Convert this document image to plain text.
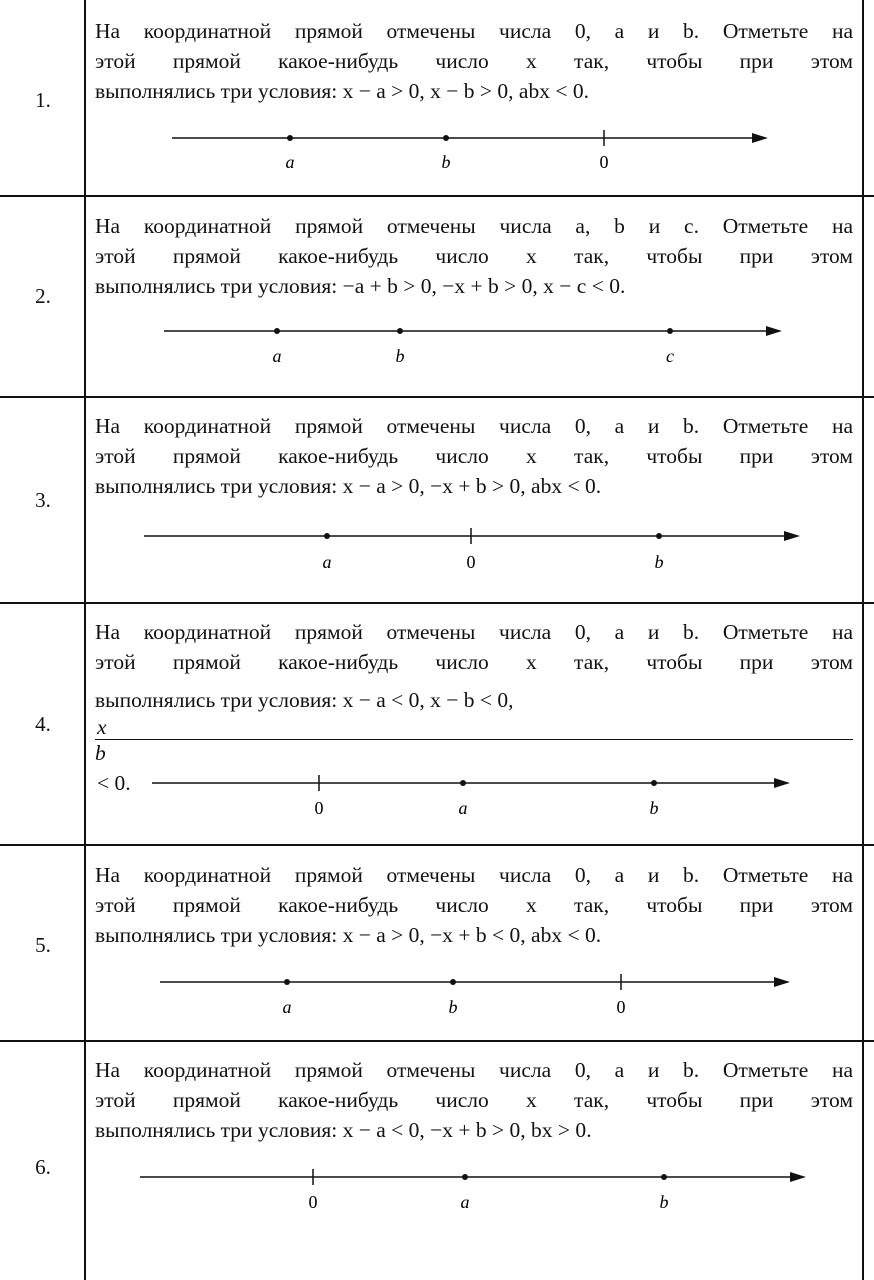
1.
На координатной прямой отмечены числа 0, a и b. Отметьте на
этой прямой какое-нибудь число x так, чтобы при этом
выполнялись три условия: x − a > 0, x − b > 0, abx < 0.
a	b	0
2.
На координатной прямой отмечены числа a, b и c. Отметьте на
этой прямой какое-нибудь число x так, чтобы при этом
выполнялись три условия: −a + b > 0, −x + b > 0, x − c < 0.
a	b	c
3.
На координатной прямой отмечены числа 0, a и b. Отметьте на
этой прямой какое-нибудь число x так, чтобы при этом
выполнялись три условия: x − a > 0, −x + b > 0, abx < 0.
a	0	b
4.
На координатной прямой отмечены числа 0, a и b. Отметьте на
этой прямой какое-нибудь число x так, чтобы при этом
выполнялись три условия: x − a < 0, x − b < 0,
x
b
< 0.
0	a	b
5.
На координатной прямой отмечены числа 0, a и b. Отметьте на
этой прямой какое-нибудь число x так, чтобы при этом
выполнялись три условия: x − a > 0, −x + b < 0, abx < 0.
a	b	0
6.
На координатной прямой отмечены числа 0, a и b. Отметьте на
этой прямой какое-нибудь число x так, чтобы при этом
выполнялись три условия: x − a < 0, −x + b > 0, bx > 0.
0	a	b
